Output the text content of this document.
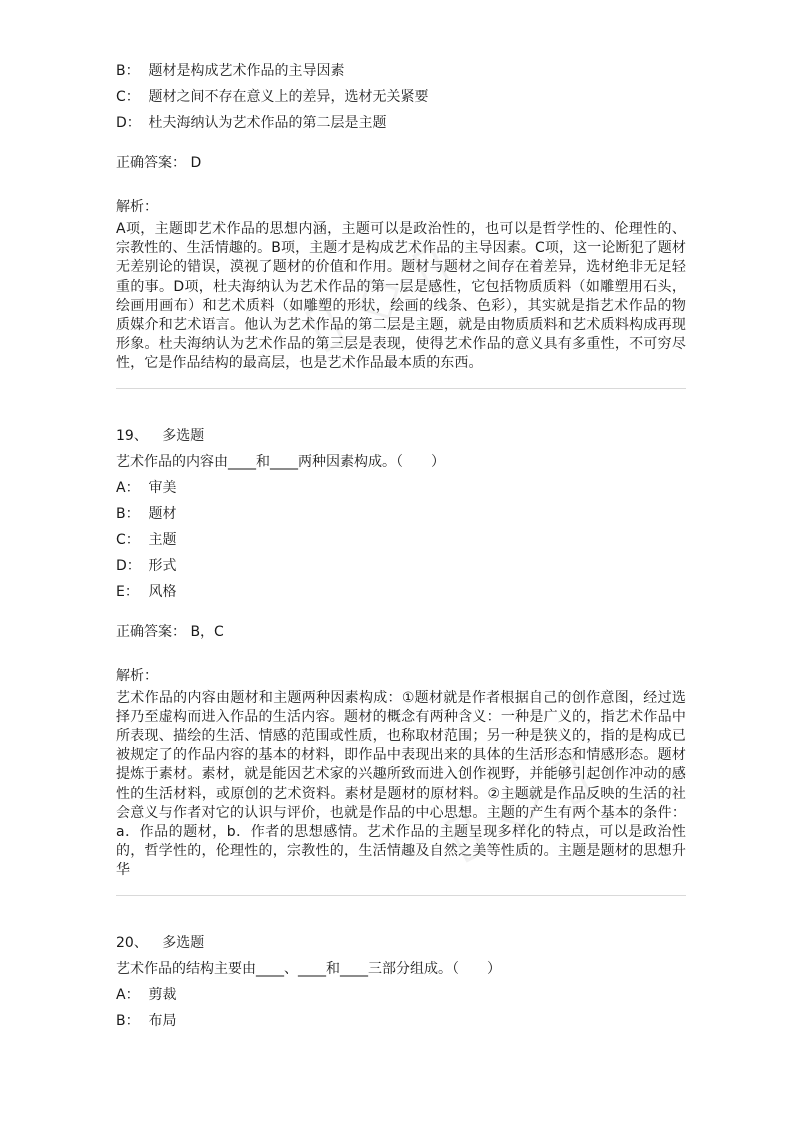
▯ ◇ ▯
▯ ◇ ▯
B： 题材是构成艺术作品的主导因素
C： 题材之间不存在意义上的差异，选材无关紧要
D： 杜夫海纳认为艺术作品的第二层是主题
正确答案： D
解析：
A项，主题即艺术作品的思想内涵，主题可以是政治性的，也可以是哲学性的、伦理性的、宗教性的、生活情趣的。B项，主题才是构成艺术作品的主导因素。C项，这一论断犯了题材无差别论的错误，漠视了题材的价值和作用。题材与题材之间存在着差异，选材绝非无足轻重的事。D项，杜夫海纳认为艺术作品的第一层是感性，它包括物质质料（如雕塑用石头，绘画用画布）和艺术质料（如雕塑的形状，绘画的线条、色彩），其实就是指艺术作品的物质媒介和艺术语言。他认为艺术作品的第二层是主题，就是由物质质料和艺术质料构成再现形象。杜夫海纳认为艺术作品的第三层是表现，使得艺术作品的意义具有多重性，不可穷尽性，它是作品结构的最高层，也是艺术作品最本质的东西。
19、 多选题
艺术作品的内容由____和____两种因素构成。（　　）
A： 审美
B： 题材
C： 主题
D： 形式
E： 风格
正确答案： B，C
解析：
艺术作品的内容由题材和主题两种因素构成：①题材就是作者根据自己的创作意图，经过选择乃至虚构而进入作品的生活内容。题材的概念有两种含义：一种是广义的，指艺术作品中所表现、描绘的生活、情感的范围或性质，也称取材范围；另一种是狭义的，指的是构成已被规定了的作品内容的基本的材料，即作品中表现出来的具体的生活形态和情感形态。题材提炼于素材。素材，就是能因艺术家的兴趣所致而进入创作视野，并能够引起创作冲动的感性的生活材料，或原创的艺术资料。素材是题材的原材料。②主题就是作品反映的生活的社会意义与作者对它的认识与评价，也就是作品的中心思想。主题的产生有两个基本的条件：a．作品的题材，b．作者的思想感情。艺术作品的主题呈现多样化的特点，可以是政治性的，哲学性的，伦理性的，宗教性的，生活情趣及自然之美等性质的。主题是题材的思想升华
20、 多选题
艺术作品的结构主要由____、____和____三部分组成。（　　）
A： 剪裁
B： 布局
